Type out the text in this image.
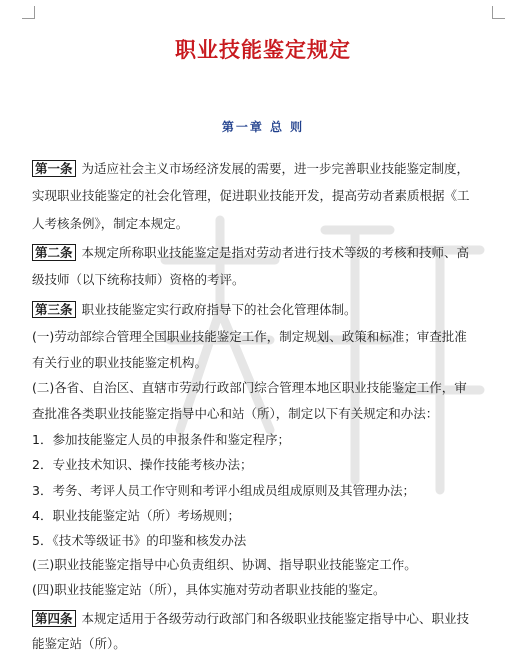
职业技能鉴定规定
第一章 总 则
第一条 为适应社会主义市场经济发展的需要，进一步完善职业技能鉴定制度，
实现职业技能鉴定的社会化管理，促进职业技能开发，提高劳动者素质根据《工
人考核条例》，制定本规定。
第二条 本规定所称职业技能鉴定是指对劳动者进行技术等级的考核和技师、高
级技师（以下统称技师）资格的考评。
第三条 职业技能鉴定实行政府指导下的社会化管理体制。
(一)劳动部综合管理全国职业技能鉴定工作，制定规划、政策和标准；审查批准
有关行业的职业技能鉴定机构。
(二)各省、自治区、直辖市劳动行政部门综合管理本地区职业技能鉴定工作，审
查批准各类职业技能鉴定指导中心和站（所），制定以下有关规定和办法：
1．参加技能鉴定人员的申报条件和鉴定程序；
2．专业技术知识、操作技能考核办法；
3．考务、考评人员工作守则和考评小组成员组成原则及其管理办法；
4．职业技能鉴定站（所）考场规则；
5．《技术等级证书》的印鉴和核发办法
(三)职业技能鉴定指导中心负责组织、协调、指导职业技能鉴定工作。
(四)职业技能鉴定站（所），具体实施对劳动者职业技能的鉴定。
第四条 本规定适用于各级劳动行政部门和各级职业技能鉴定指导中心、职业技
能鉴定站（所）。
